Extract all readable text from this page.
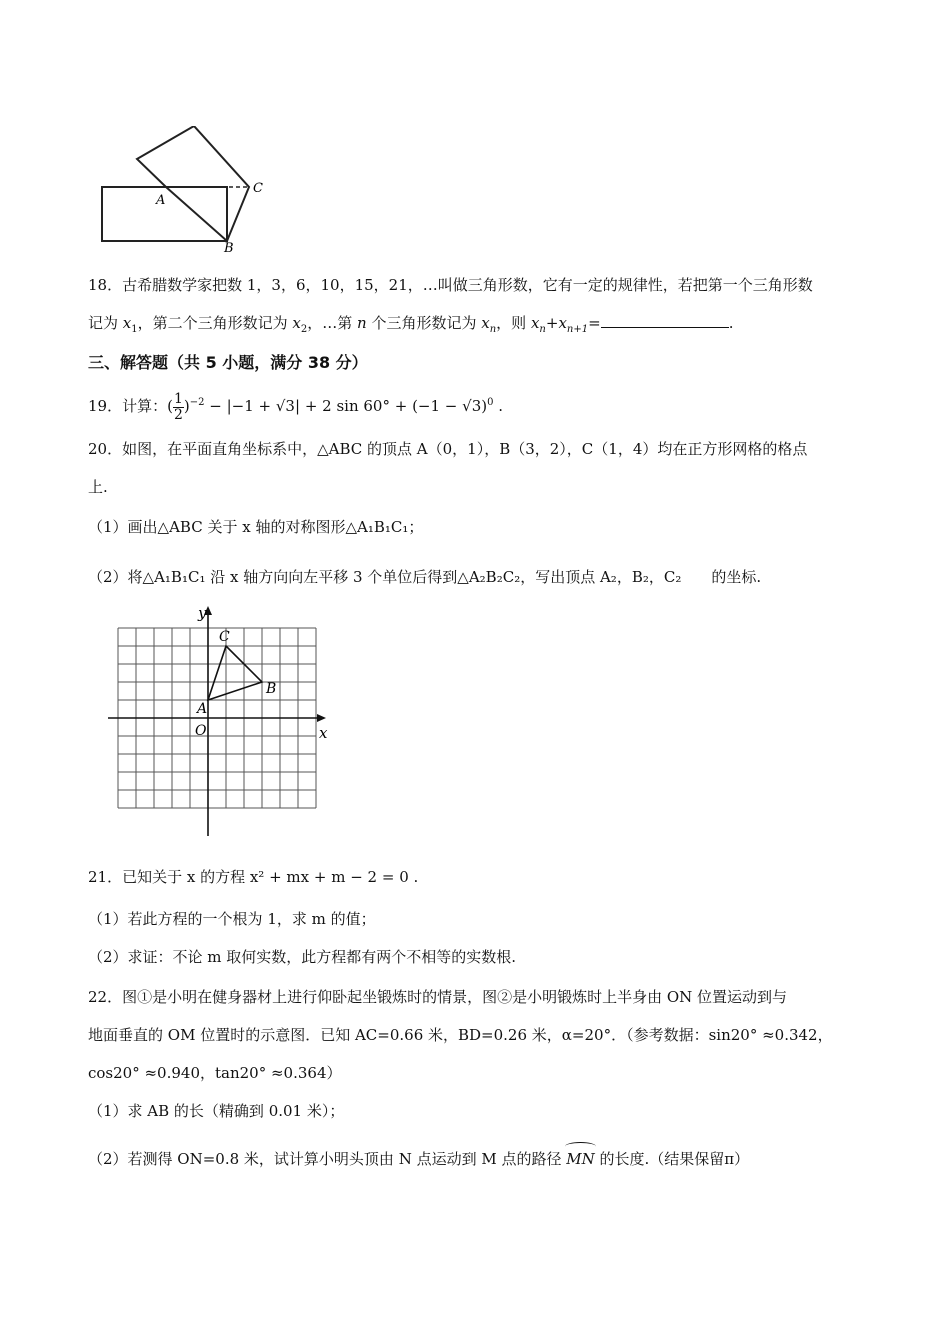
A
C
B
18．古希腊数学家把数 1，3，6，10，15，21，…叫做三角形数，它有一定的规律性，若把第一个三角形数
记为 $x_1$，第二个三角形数记为 $x_2$，…第 n 个三角形数记为 $x_n$，则 $x_n+x_{n+1}=$	.
三、解答题（共 5 小题，满分 38 分）
19．计算：( $\frac{1}{2} )^{-2} - |-1 + √3| + 2$ $\sin 60^\circ + (-1 - √3)^0$ .
20．如图，在平面直角坐标系中，△ABC 的顶点 A（0，1），B（3，2），C（1，4）均在正方形网格的格点
上.
（1）画出△ABC 关于 x 轴的对称图形△A₁B₁C₁；
（2）将△A₁B₁C₁ 沿 x 轴方向向左平移 3 个单位后得到△A₂B₂C₂，写出顶点 A₂，B₂，C₂　　的坐标.
y
x
O
A
B
C
21．已知关于 x 的方程 x² + mx + m − 2 = 0 .
（1）若此方程的一个根为 1，求 m 的值；
（2）求证：不论 m 取何实数，此方程都有两个不相等的实数根.
22．图①是小明在健身器材上进行仰卧起坐锻炼时的情景，图②是小明锻炼时上半身由 ON 位置运动到与
地面垂直的 OM 位置时的示意图．已知 AC=0.66 米，BD=0.26 米，α=20°．（参考数据：sin20° ≈0.342，
cos20° ≈0.940，tan20° ≈0.364）
（1）求 AB 的长（精确到 0.01 米）；
（2）若测得 ON=0.8 米，试计算小明头顶由 N 点运动到 M 点的路径 MN 的长度.（结果保留π）
